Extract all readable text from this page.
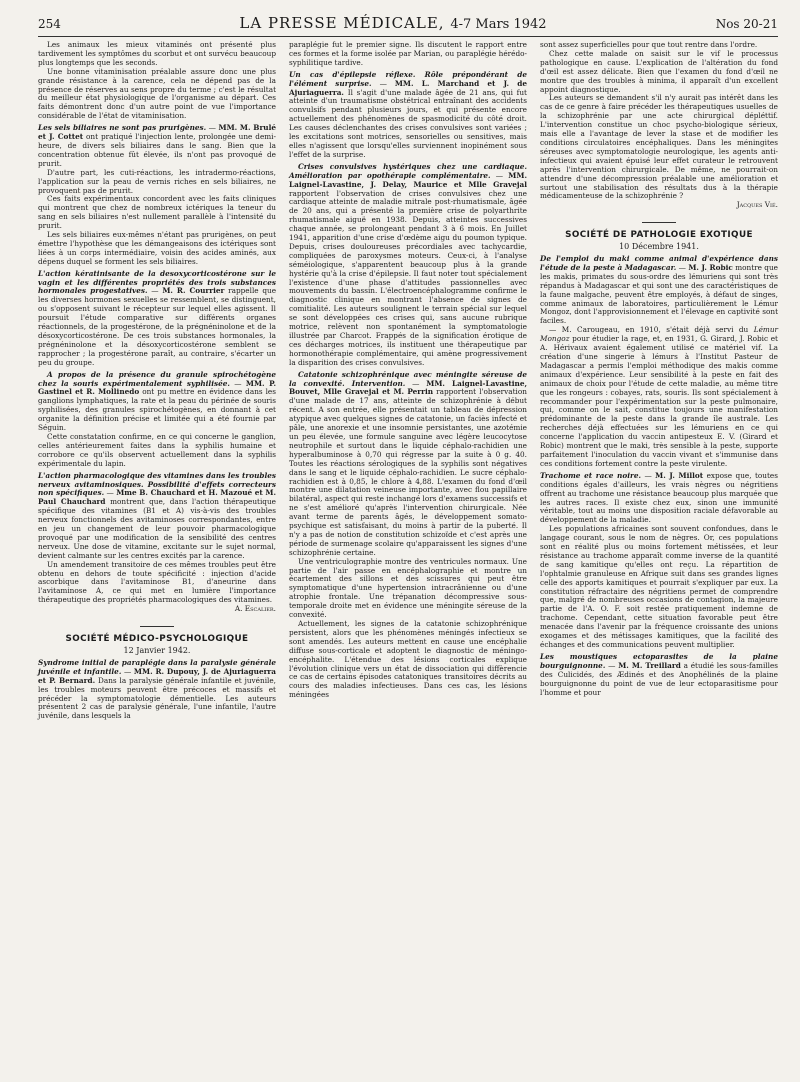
254	LA PRESSE MÉDICALE, 4-7 Mars 1942	Nos 20-21

Les animaux les mieux vitaminés ont présenté plus tardivement les symptômes du scorbut et ont survécu beaucoup plus longtemps que les seconds.

Une bonne vitaminisation préalable assure donc une plus grande résistance à la carence, cela ne dépend pas de la présence de réserves au sens propre du terme ; c'est le résultat du meilleur état physiologique de l'organisme au départ. Ces faits démontrent donc d'un autre point de vue l'importance considérable de l'état de vitaminisation.

Les sels biliaires ne sont pas prurigènes. — MM. M. Brulé et J. Cottet ont pratiqué l'injection lente, prolongée une demi-heure, de divers sels biliaires dans le sang. Bien que la concentration obtenue fût élevée, ils n'ont pas provoqué de prurit.

D'autre part, les cuti-réactions, les intradermo-réactions, l'application sur la peau de vernis riches en sels biliaires, ne provoquent pas de prurit.

Ces faits expérimentaux concordent avec les faits cliniques qui montrent que chez de nombreux ictériques la teneur du sang en sels biliaires n'est nullement parallèle à l'intensité du prurit.

Les sels biliaires eux-mêmes n'étant pas prurigènes, on peut émettre l'hypothèse que les démangeaisons des ictériques sont liées à un corps intermédiaire, voisin des acides aminés, aux dépens duquel se forment les sels biliaires.

L'action kératinisante de la desoxycorticostérone sur le vagin et les différentes propriétés des trois substances hormonales progestatives. — M. R. Courrier rappelle que les diverses hormones sexuelles se ressemblent, se distinguent, ou s'opposent suivant le récepteur sur lequel elles agissent. Il poursuit l'étude comparative sur différents organes réactionnels, de la progestérone, de la prégnéninolone et de la désoxycorticostérone. De ces trois substances hormonales, la prégnéninolone et la désoxycorticostérone semblent se rapprocher ; la progestérone paraît, au contraire, s'écarter un peu du groupe.

A propos de la présence du granule spirochétogène chez la souris expérimentalement syphilisée. — MM. P. Gastinel et R. Mollinedo ont pu mettre en évidence dans les ganglions lymphatiques, la rate et la peau du périnée de souris syphilisées, des granules spirochétogènes, en donnant à cet organite la définition précise et limitée qui a été fournie par Séguin.

Cette constatation confirme, en ce qui concerne le ganglion, celles antérieurement faites dans la syphilis humaine et corrobore ce qu'ils observent actuellement dans la syphilis expérimentale du lapin.

L'action pharmacologique des vitamines dans les troubles nerveux avitaminosiques. Possibilité d'effets correcteurs non spécifiques. — Mme B. Chauchard et H. Mazoué et M. Paul Chauchard montrent que, dans l'action thérapeutique spécifique des vitamines (B1 et A) vis-à-vis des troubles nerveux fonctionnels des avitaminoses correspondantes, entre en jeu un changement de leur pouvoir pharmacologique provoqué par une modification de la sensibilité des centres nerveux. Une dose de vitamine, excitante sur le sujet normal, devient calmante sur les centres excités par la carence.

Un amendement transitoire de ces mêmes troubles peut être obtenu en dehors de toute spécificité : injection d'acide ascorbique dans l'avitaminose B1, d'aneurine dans l'avitaminose A, ce qui met en lumière l'importance thérapeutique des propriétés pharmacologiques des vitamines.

A. Escalier.

SOCIÉTÉ MÉDICO-PSYCHOLOGIQUE
12 Janvier 1942.

Syndrome initial de paraplégie dans la paralysie générale juvénile et infantile. — MM. R. Dupouy, J. de Ajuriaguerra et P. Bernard. Dans la paralysie générale infantile et juvénile, les troubles moteurs peuvent être précoces et massifs et précéder la symptomatologie démentielle. Les auteurs présentent 2 cas de paralysie générale, l'une infantile, l'autre juvénile, dans lesquels la

paraplégie fut le premier signe. Ils discutent le rapport entre ces formes et la forme isolée par Marian, ou paraplégie hérédo-syphilitique tardive.

Un cas d'épilepsie réflexe. Rôle prépondérant de l'élément surprise. — MM. L. Marchand et J. de Ajuriaguerra. Il s'agit d'une malade âgée de 21 ans, qui fut atteinte d'un traumatisme obstétrical entraînant des accidents convulsifs pendant plusieurs jours, et qui présente encore actuellement des phénomènes de spasmodicité du côté droit. Les causes déclenchantes des crises convulsives sont variées ; les excitations sont motrices, sensorielles ou sensitives, mais elles n'agissent que lorsqu'elles surviennent inopinément sous l'effet de la surprise.

Crises convulsives hystériques chez une cardiaque. Amélioration par opothérapie complémentaire. — MM. Laignel-Lavastine, J. Delay, Maurice et Mlle Gravejal rapportent l'observation de crises convulsives chez une cardiaque atteinte de maladie mitrale post-rhumatismale, âgée de 20 ans, qui a présenté la première crise de polyarthrite rhumatismale aiguë en 1938. Depuis, atteintes successives chaque année, se prolongeant pendant 3 à 6 mois. En Juillet 1941, apparition d'une crise d'œdème aigu du poumon typique. Depuis, crises douloureuses précordiales avec tachycardie, compliquées de paroxysmes moteurs. Ceux-ci, à l'analyse séméiologique, s'apparentent beaucoup plus à la grande hystérie qu'à la crise d'épilepsie. Il faut noter tout spécialement l'existence d'une phase d'attitudes passionnelles avec mouvements du bassin. L'électroencéphalogramme confirme le diagnostic clinique en montrant l'absence de signes de comitialité. Les auteurs soulignent le terrain spécial sur lequel se sont développées ces crises qui, sans aucune rubrique motrice, relèvent non spontanément la symptomatologie illustrée par Charcot. Frappés de la signification érotique de ces décharges motrices, ils instituent une thérapeutique par hormonothérapie complémentaire, qui amène progressivement la disparition des crises convulsives.

Catatonie schizophrénique avec méningite séreuse de la convexité. Intervention. — MM. Laignel-Lavastine, Bouvet, Mlle Gravejal et M. Perrin rapportent l'observation d'une malade de 17 ans, atteinte de schizophrénie à début récent. A son entrée, elle présentait un tableau de dépression atypique avec quelques signes de catatonie, un faciès infecté et pâle, une anorexie et une insomnie persistantes, une azotémie un peu élevée, une formule sanguine avec légère leucocytose neutrophile et surtout dans le liquide céphalo-rachidien une hyperalbuminose à 0,70 qui régresse par la suite à 0 g. 40. Toutes les réactions sérologiques de la syphilis sont négatives dans le sang et le liquide céphalo-rachidien. Le sucre céphalo-rachidien est à 0,85, le chlore à 4,88. L'examen du fond d'œil montre une dilatation veineuse importante, avec flou papillaire bilatéral, aspect qui reste inchangé lors d'examens successifs et ne s'est amélioré qu'après l'intervention chirurgicale. Née avant terme de parents âgés, le développement somato-psychique est satisfaisant, du moins à partir de la puberté. Il n'y a pas de notion de constitution schizoïde et c'est après une période de surmenage scolaire qu'apparaissent les signes d'une schizophrénie certaine.

Une ventriculographie montre des ventricules normaux. Une partie de l'air passe en encéphalographie et montre un écartement des sillons et des scissures qui peut être symptomatique d'une hypertension intracrânienne ou d'une atrophie frontale. Une trépanation décompressive sous-temporale droite met en évidence une méningite séreuse de la convexité.

Actuellement, les signes de la catatonie schizophrénique persistent, alors que les phénomènes méningés infectieux se sont amendés. Les auteurs mettent en cause une encéphalie diffuse sous-corticale et adoptent le diagnostic de méningo-encéphalite. L'étendue des lésions corticales explique l'évolution clinique vers un état de dissociation qui diffèrencie ce cas de certains épisodes catatoniques transitoires décrits au cours des maladies infectieuses. Dans ces cas, les lésions méningées

sont assez superficielles pour que tout rentre dans l'ordre.

Chez cette malade on saisit sur le vif le processus pathologique en cause. L'explication de l'altération du fond d'œil est assez délicate. Bien que l'examen du fond d'œil ne montre que des troubles à minima, il apparaît d'un excellent appoint diagnostique.

Les auteurs se demandent s'il n'y aurait pas intérêt dans les cas de ce genre à faire précéder les thérapeutiques usuelles de la schizophrénie par une acte chirurgical dépléttif. L'intervention constitue un choc psycho-biologique sérieux, mais elle a l'avantage de lever la stase et de modifier les conditions circulatoires encéphaliques. Dans les méningites séreuses avec symptomatologie neurologique, les agents anti-infectieux qui avaient épuisé leur effet curateur le retrouvent après l'intervention chirurgicale. De même, ne pourrait-on attendre d'une décompression préalable une amélioration et surtout une stabilisation des résultats dus à la thérapie médicamenteuse de la schizophrénie ?

Jacques Vié.

SOCIÉTÉ DE PATHOLOGIE EXOTIQUE
10 Décembre 1941.

De l'emploi du maki comme animal d'expérience dans l'étude de la peste à Madagascar. — M. J. Robic montre que les makis, primates du sous-ordre des lémuriens qui sont très répandus à Madagascar et qui sont une des caractéristiques de la faune malgache, peuvent être employés, à défaut de singes, comme animaux de laboratoires, particulièrement le Lémur Mongoz, dont l'approvisionnement et l'élevage en captivité sont faciles.

— M. Carougeau, en 1910, s'était déjà servi du Lémur Mongoz pour étudier la rage, et, en 1931, G. Girard, J. Robic et A. Hérivaux avaient également utilisé ce matériel vif. La création d'une singerie à lémurs à l'Institut Pasteur de Madagascar a permis l'emploi méthodique des makis comme animaux d'expérience. Leur sensibilité à la peste en fait des animaux de choix pour l'étude de cette maladie, au même titre que les rongeurs : cobayes, rats, souris. Ils sont spécialement à recommander pour l'expérimentation sur la peste pulmonaire, qui, comme on le sait, constitue toujours une manifestation prédominante de la peste dans la grande île australe. Les recherches déjà effectuées sur les lémuriens en ce qui concerne l'application du vaccin antipesteux E. V. (Girard et Robic) montrent que le maki, très sensible à la peste, supporte parfaitement l'inoculation du vaccin vivant et s'immunise dans ces conditions fortement contre la peste virulente.

Trachome et race noire. — M. J. Millot expose que, toutes conditions égales d'ailleurs, les vrais nègres ou négritiens offrent au trachome une résistance beaucoup plus marquée que les autres races. Il existe chez eux, sinon une immunité véritable, tout au moins une disposition raciale défavorable au développement de la maladie.

Les populations africaines sont souvent confondues, dans le langage courant, sous le nom de nègres. Or, ces populations sont en réalité plus ou moins fortement métissées, et leur résistance au trachome apparaît comme inverse de la quantité de sang kamitique qu'elles ont reçu. La répartition de l'ophtalmie granuleuse en Afrique suit dans ses grandes lignes celle des apports kamitiques et pourrait s'expliquer par eux. La constitution réfractaire des négritiens permet de comprendre que, malgré de nombreuses occasions de contagion, la majeure partie de l'A. O. F. soit restée pratiquement indemne de trachome. Cependant, cette situation favorable peut être menacée dans l'avenir par la fréquence croissante des unions exogames et des métissages kamitiques, que la facilité des échanges et des communications peuvent multiplier.

Les moustiques ectoparasites de la plaine bourguignonne. — M. M. Treillard a étudié les sous-familles des Culicidés, des Ædinés et des Anophélinés de la plaine bourguignonne du point de vue de leur ectoparasitisme pour l'homme et pour
